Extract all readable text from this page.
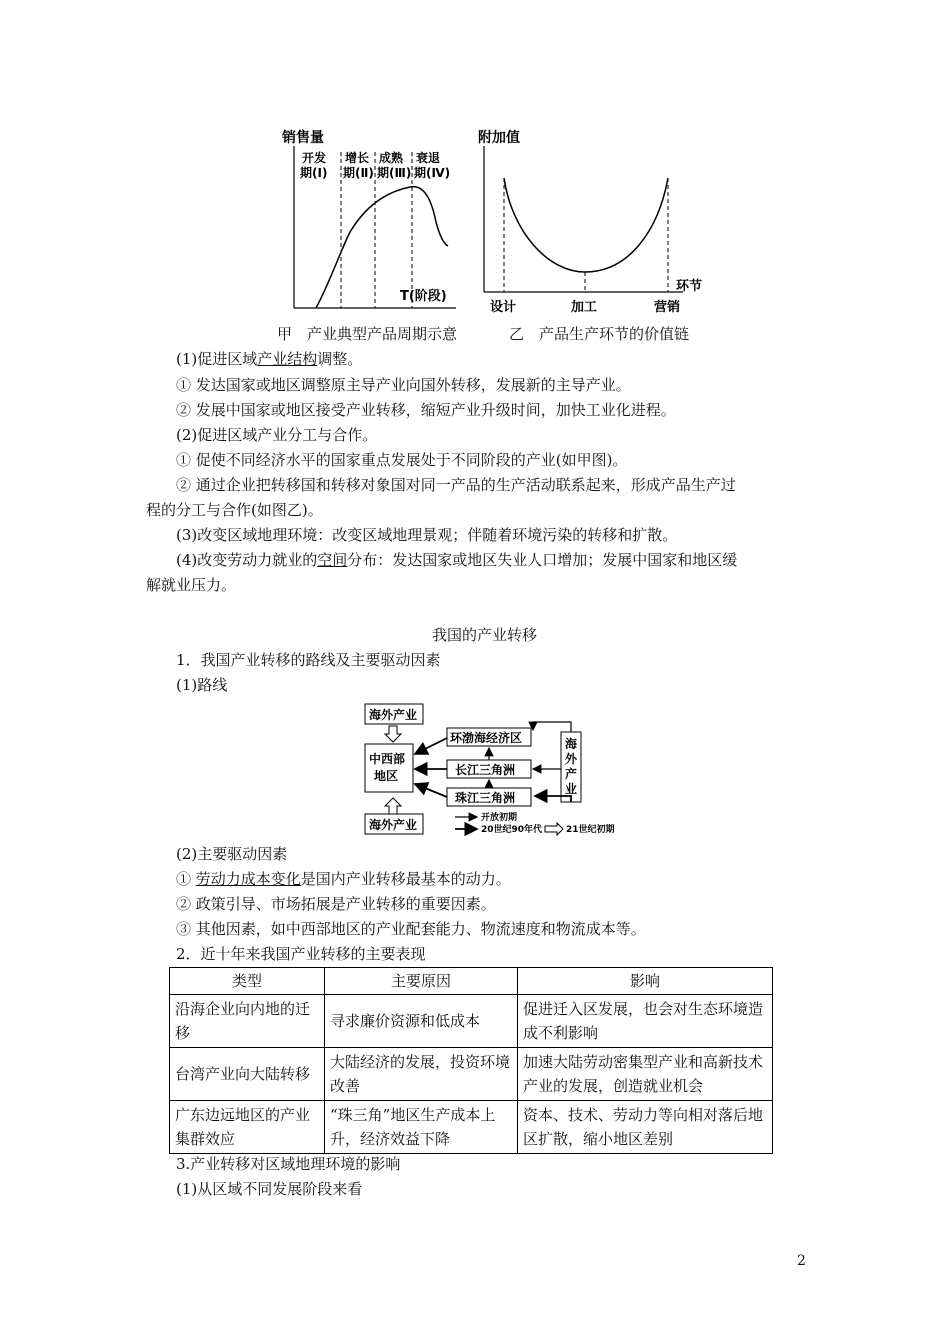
销售量
T(阶段)
开发
期(Ⅰ)
增长
期(Ⅱ)
成熟
期(Ⅲ)
衰退
期(Ⅳ)
附加值
环节
设计	加工	营销
甲　产业典型产品周期示意	乙　产品生产环节的价值链
(1)促进区域产业结构调整。
① 发达国家或地区调整原主导产业向国外转移，发展新的主导产业。
② 发展中国家或地区接受产业转移，缩短产业升级时间，加快工业化进程。
(2)促进区域产业分工与合作。
① 促使不同经济水平的国家重点发展处于不同阶段的产业(如甲图)。
② 通过企业把转移国和转移对象国对同一产品的生产活动联系起来，形成产品生产过
程的分工与合作(如图乙)。
(3)改变区域地理环境：改变区域地理景观；伴随着环境污染的转移和扩散。
(4)改变劳动力就业的空间分布：发达国家或地区失业人口增加；发展中国家和地区缓
解就业压力。
我国的产业转移
1．我国产业转移的路线及主要驱动因素
(1)路线
海外产业
中西部
地区
海外产业
环渤海经济区
长江三角洲
珠江三角洲
海外产业
开放初期
20世纪90年代	21世纪初期
(2)主要驱动因素
① 劳动力成本变化是国内产业转移最基本的动力。
② 政策引导、市场拓展是产业转移的重要因素。
③ 其他因素，如中西部地区的产业配套能力、物流速度和物流成本等。
2．近十年来我国产业转移的主要表现
类型	主要原因	影响
沿海企业向内地的迁移	寻求廉价资源和低成本	促进迁入区发展，也会对生态环境造成不利影响
台湾产业向大陆转移	大陆经济的发展，投资环境改善	加速大陆劳动密集型产业和高新技术产业的发展，创造就业机会
广东边远地区的产业集群效应	“珠三角”地区生产成本上升，经济效益下降	资本、技术、劳动力等向相对落后地区扩散，缩小地区差别
3.产业转移对区域地理环境的影响
(1)从区域不同发展阶段来看
2
